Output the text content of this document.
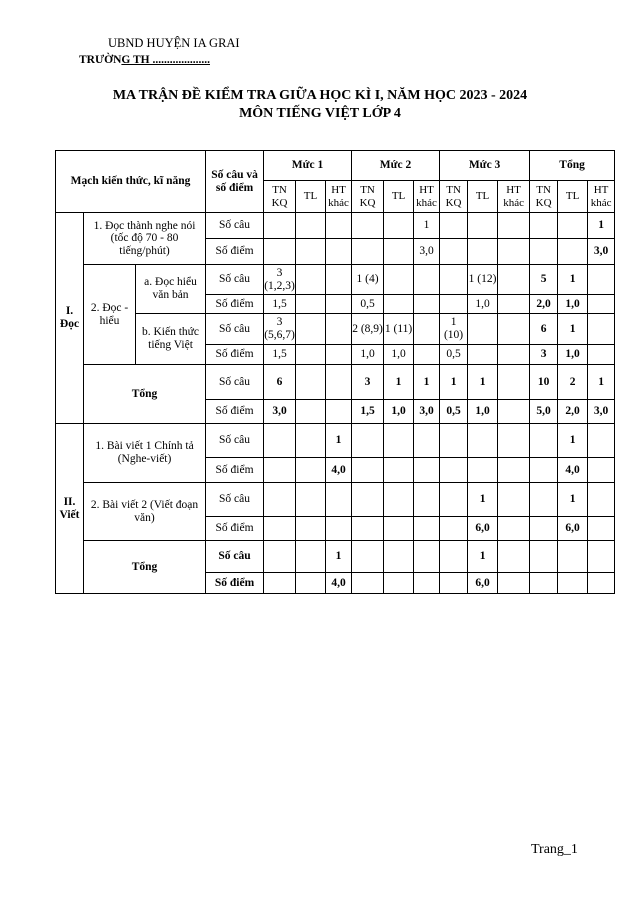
UBND HUYỆN IA GRAI
TRƯỜNG TH ....................
MA TRẬN ĐỀ KIỂM TRA GIỮA HỌC KÌ I, NĂM HỌC 2023 - 2024
MÔN TIẾNG VIỆT LỚP 4
Mạch kiến thức, kĩ năng			Số câu và số điểm	Mức 1			Mức 2			Mức 3			Tổng		
				TN KQ	TL	HT khác	TN KQ	TL	HT khác	TN KQ	TL	HT khác	TN KQ	TL	HT khác
I. Đọc	1. Đọc thành nghe nói (tốc độ 70 - 80 tiếng/phút)		Số câu						1						1
			Số điểm						3,0						3,0
	2. Đọc - hiểu	a. Đọc hiểu văn bản	Số câu	3 (1,2,3)			1 (4)				1 (12)		5	1	
			Số điểm	1,5			0,5				1,0		2,0	1,0	
		b. Kiến thức tiếng Việt	Số câu	3 (5,6,7)			2 (8,9)	1 (11)		1 (10)			6	1	
			Số điểm	1,5			1,0	1,0		0,5			3	1,0	
	Tổng		Số câu	6			3	1	1	1	1		10	2	1
			Số điểm	3,0			1,5	1,0	3,0	0,5	1,0		5,0	2,0	3,0
II. Viết	1. Bài viết 1 Chính tả (Nghe-viết)		Số câu			1								1	
			Số điểm			4,0								4,0	
	2. Bài viết 2 (Viết đoạn văn)		Số câu								1			1	
			Số điểm								6,0			6,0	
	Tổng		Số câu			1					1				
			Số điểm			4,0					6,0				
Trang_1
